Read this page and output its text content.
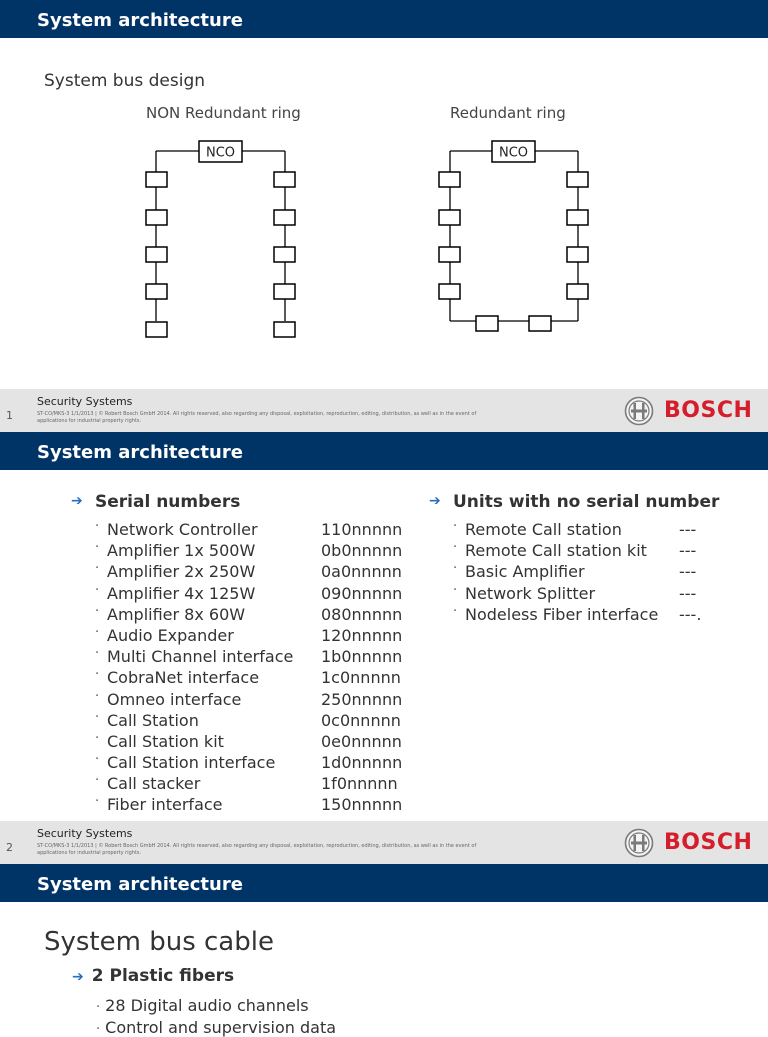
System architecture
System bus design
NON Redundant ring	Redundant ring
NCO	NCO
1
Security Systems
ST-CO/MKS-3 1/1/2013 | © Robert Bosch GmbH 2014. All rights reserved, also regarding any disposal, exploitation, reproduction, editing, distribution, as well as in the event of applications for industrial property rights.	BOSCH
System architecture
➔ Serial numbers
· Network Controller	110nnnnn
· Amplifier 1x 500W	0b0nnnnn
· Amplifier 2x 250W	0a0nnnnn
· Amplifier 4x 125W	090nnnnn
· Amplifier 8x 60W	080nnnnn
· Audio Expander	120nnnnn
· Multi Channel interface 1b0nnnnn
· CobraNet interface	1c0nnnnn
· Omneo interface	250nnnnn
· Call Station	0c0nnnnn
· Call Station kit	0e0nnnnn
· Call Station interface	1d0nnnnn
· Call stacker	1f0nnnnn
· Fiber interface	150nnnnn
➔ Units with no serial number
· Remote Call station	---
· Remote Call station kit ---
· Basic Amplifier	---
· Network Splitter	---
· Nodeless Fiber interface ---.
2
Security Systems
ST-CO/MKS-3 1/1/2013 | © Robert Bosch GmbH 2014. All rights reserved, also regarding any disposal, exploitation, reproduction, editing, distribution, as well as in the event of applications for industrial property rights.	BOSCH
System architecture
System bus cable
➔ 2 Plastic fibers
· 28 Digital audio channels
· Control and supervision data
